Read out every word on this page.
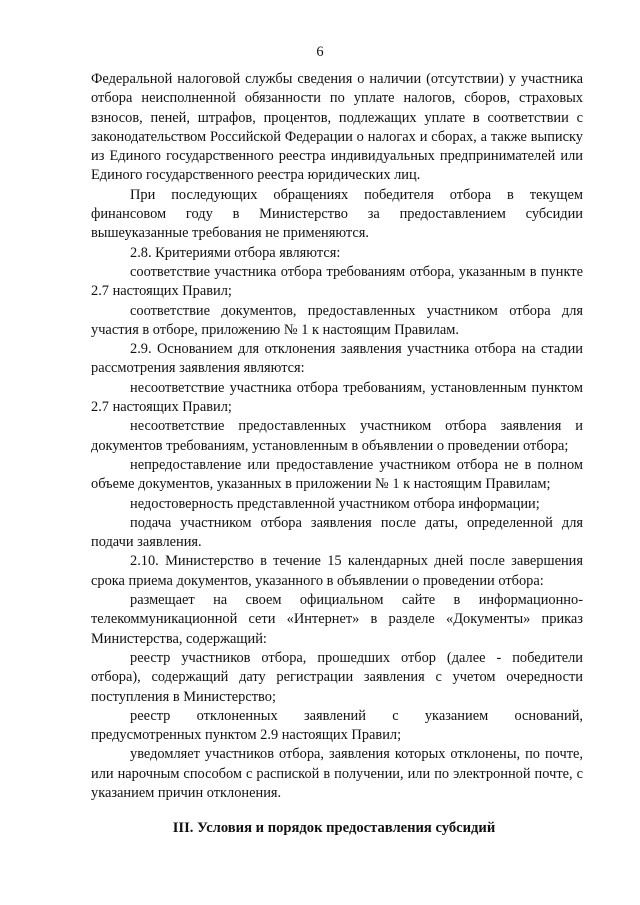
6

Федеральной налоговой службы сведения о наличии (отсутствии) у участника отбора неисполненной обязанности по уплате налогов, сборов, страховых взносов, пеней, штрафов, процентов, подлежащих уплате в соответствии с законодательством Российской Федерации о налогах и сборах, а также выписку из Единого государственного реестра индивидуальных предпринимателей или Единого государственного реестра юридических лиц.

При последующих обращениях победителя отбора в текущем финансовом году в Министерство за предоставлением субсидии вышеуказанные требования не применяются.

2.8. Критериями отбора являются:

соответствие участника отбора требованиям отбора, указанным в пункте 2.7 настоящих Правил;

соответствие документов, предоставленных участником отбора для участия в отборе, приложению № 1 к настоящим Правилам.

2.9. Основанием для отклонения заявления участника отбора на стадии рассмотрения заявления являются:

несоответствие участника отбора требованиям, установленным пунктом 2.7 настоящих Правил;

несоответствие предоставленных участником отбора заявления и документов требованиям, установленным в объявлении о проведении отбора;

непредоставление или предоставление участником отбора не в полном объеме документов, указанных в приложении № 1 к настоящим Правилам;

недостоверность представленной участником отбора информации;

подача участником отбора заявления после даты, определенной для подачи заявления.

2.10. Министерство в течение 15 календарных дней после завершения срока приема документов, указанного в объявлении о проведении отбора:

размещает на своем официальном сайте в информационно-телекоммуникационной сети «Интернет» в разделе «Документы» приказ Министерства, содержащий:

реестр участников отбора, прошедших отбор (далее - победители отбора), содержащий дату регистрации заявления с учетом очередности поступления в Министерство;

реестр отклоненных заявлений с указанием оснований, предусмотренных пунктом 2.9 настоящих Правил;

уведомляет участников отбора, заявления которых отклонены, по почте, или нарочным способом с распиской в получении, или по электронной почте, с указанием причин отклонения.

III. Условия и порядок предоставления субсидий
